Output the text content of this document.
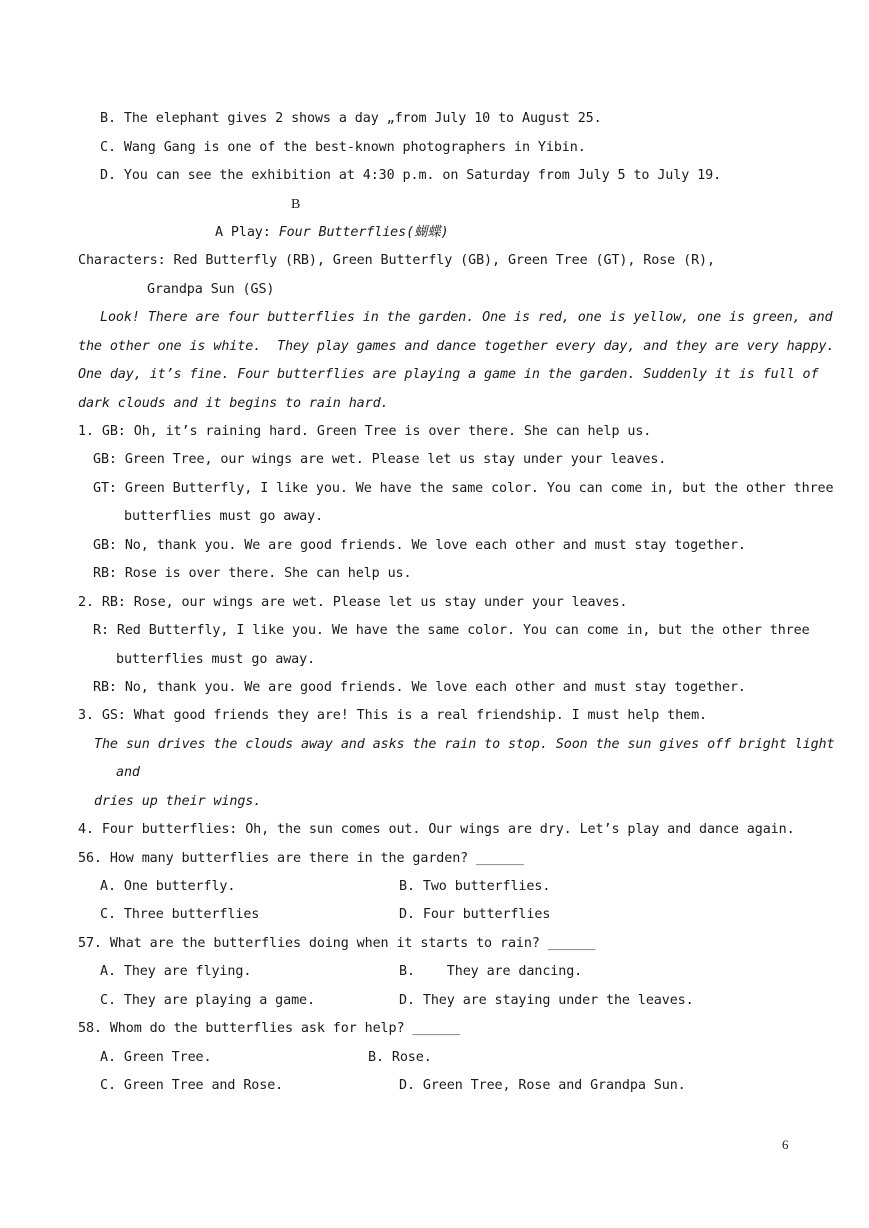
B. The elephant gives 2 shows a day „from July 10 to August 25.
C. Wang Gang is one of the best-known photographers in Yibin.
D. You can see the exhibition at 4:30 p.m. on Saturday from July 5 to July 19.
B
A Play: Four Butterflies(蝴蝶)
Characters: Red Butterfly (RB), Green Butterfly (GB), Green Tree (GT), Rose (R),
Grandpa Sun (GS)
Look! There are four butterflies in the garden. One is red, one is yellow, one is green, and
the other one is white.  They play games and dance together every day, and they are very happy.
One day, it’s fine. Four butterflies are playing a game in the garden. Suddenly it is full of
dark clouds and it begins to rain hard.
1. GB: Oh, it’s raining hard. Green Tree is over there. She can help us.
GB: Green Tree, our wings are wet. Please let us stay under your leaves.
GT: Green Butterfly, I like you. We have the same color. You can come in, but the other three
butterflies must go away.
GB: No, thank you. We are good friends. We love each other and must stay together.
RB: Rose is over there. She can help us.
2. RB: Rose, our wings are wet. Please let us stay under your leaves.
R: Red Butterfly, I like you. We have the same color. You can come in, but the other three
butterflies must go away.
RB: No, thank you. We are good friends. We love each other and must stay together.
3. GS: What good friends they are! This is a real friendship. I must help them.
The sun drives the clouds away and asks the rain to stop. Soon the sun gives off bright light
and
dries up their wings.
4. Four butterflies: Oh, the sun comes out. Our wings are dry. Let’s play and dance again.
56. How many butterflies are there in the garden? ______
A. One butterfly.	B. Two butterflies.
C. Three butterflies	D. Four butterflies
57. What are the butterflies doing when it starts to rain? ______
A. They are flying.	B.    They are dancing.
C. They are playing a game.	D. They are staying under the leaves.
58. Whom do the butterflies ask for help? ______
A. Green Tree.	B. Rose.
C. Green Tree and Rose.	D. Green Tree, Rose and Grandpa Sun.
6
